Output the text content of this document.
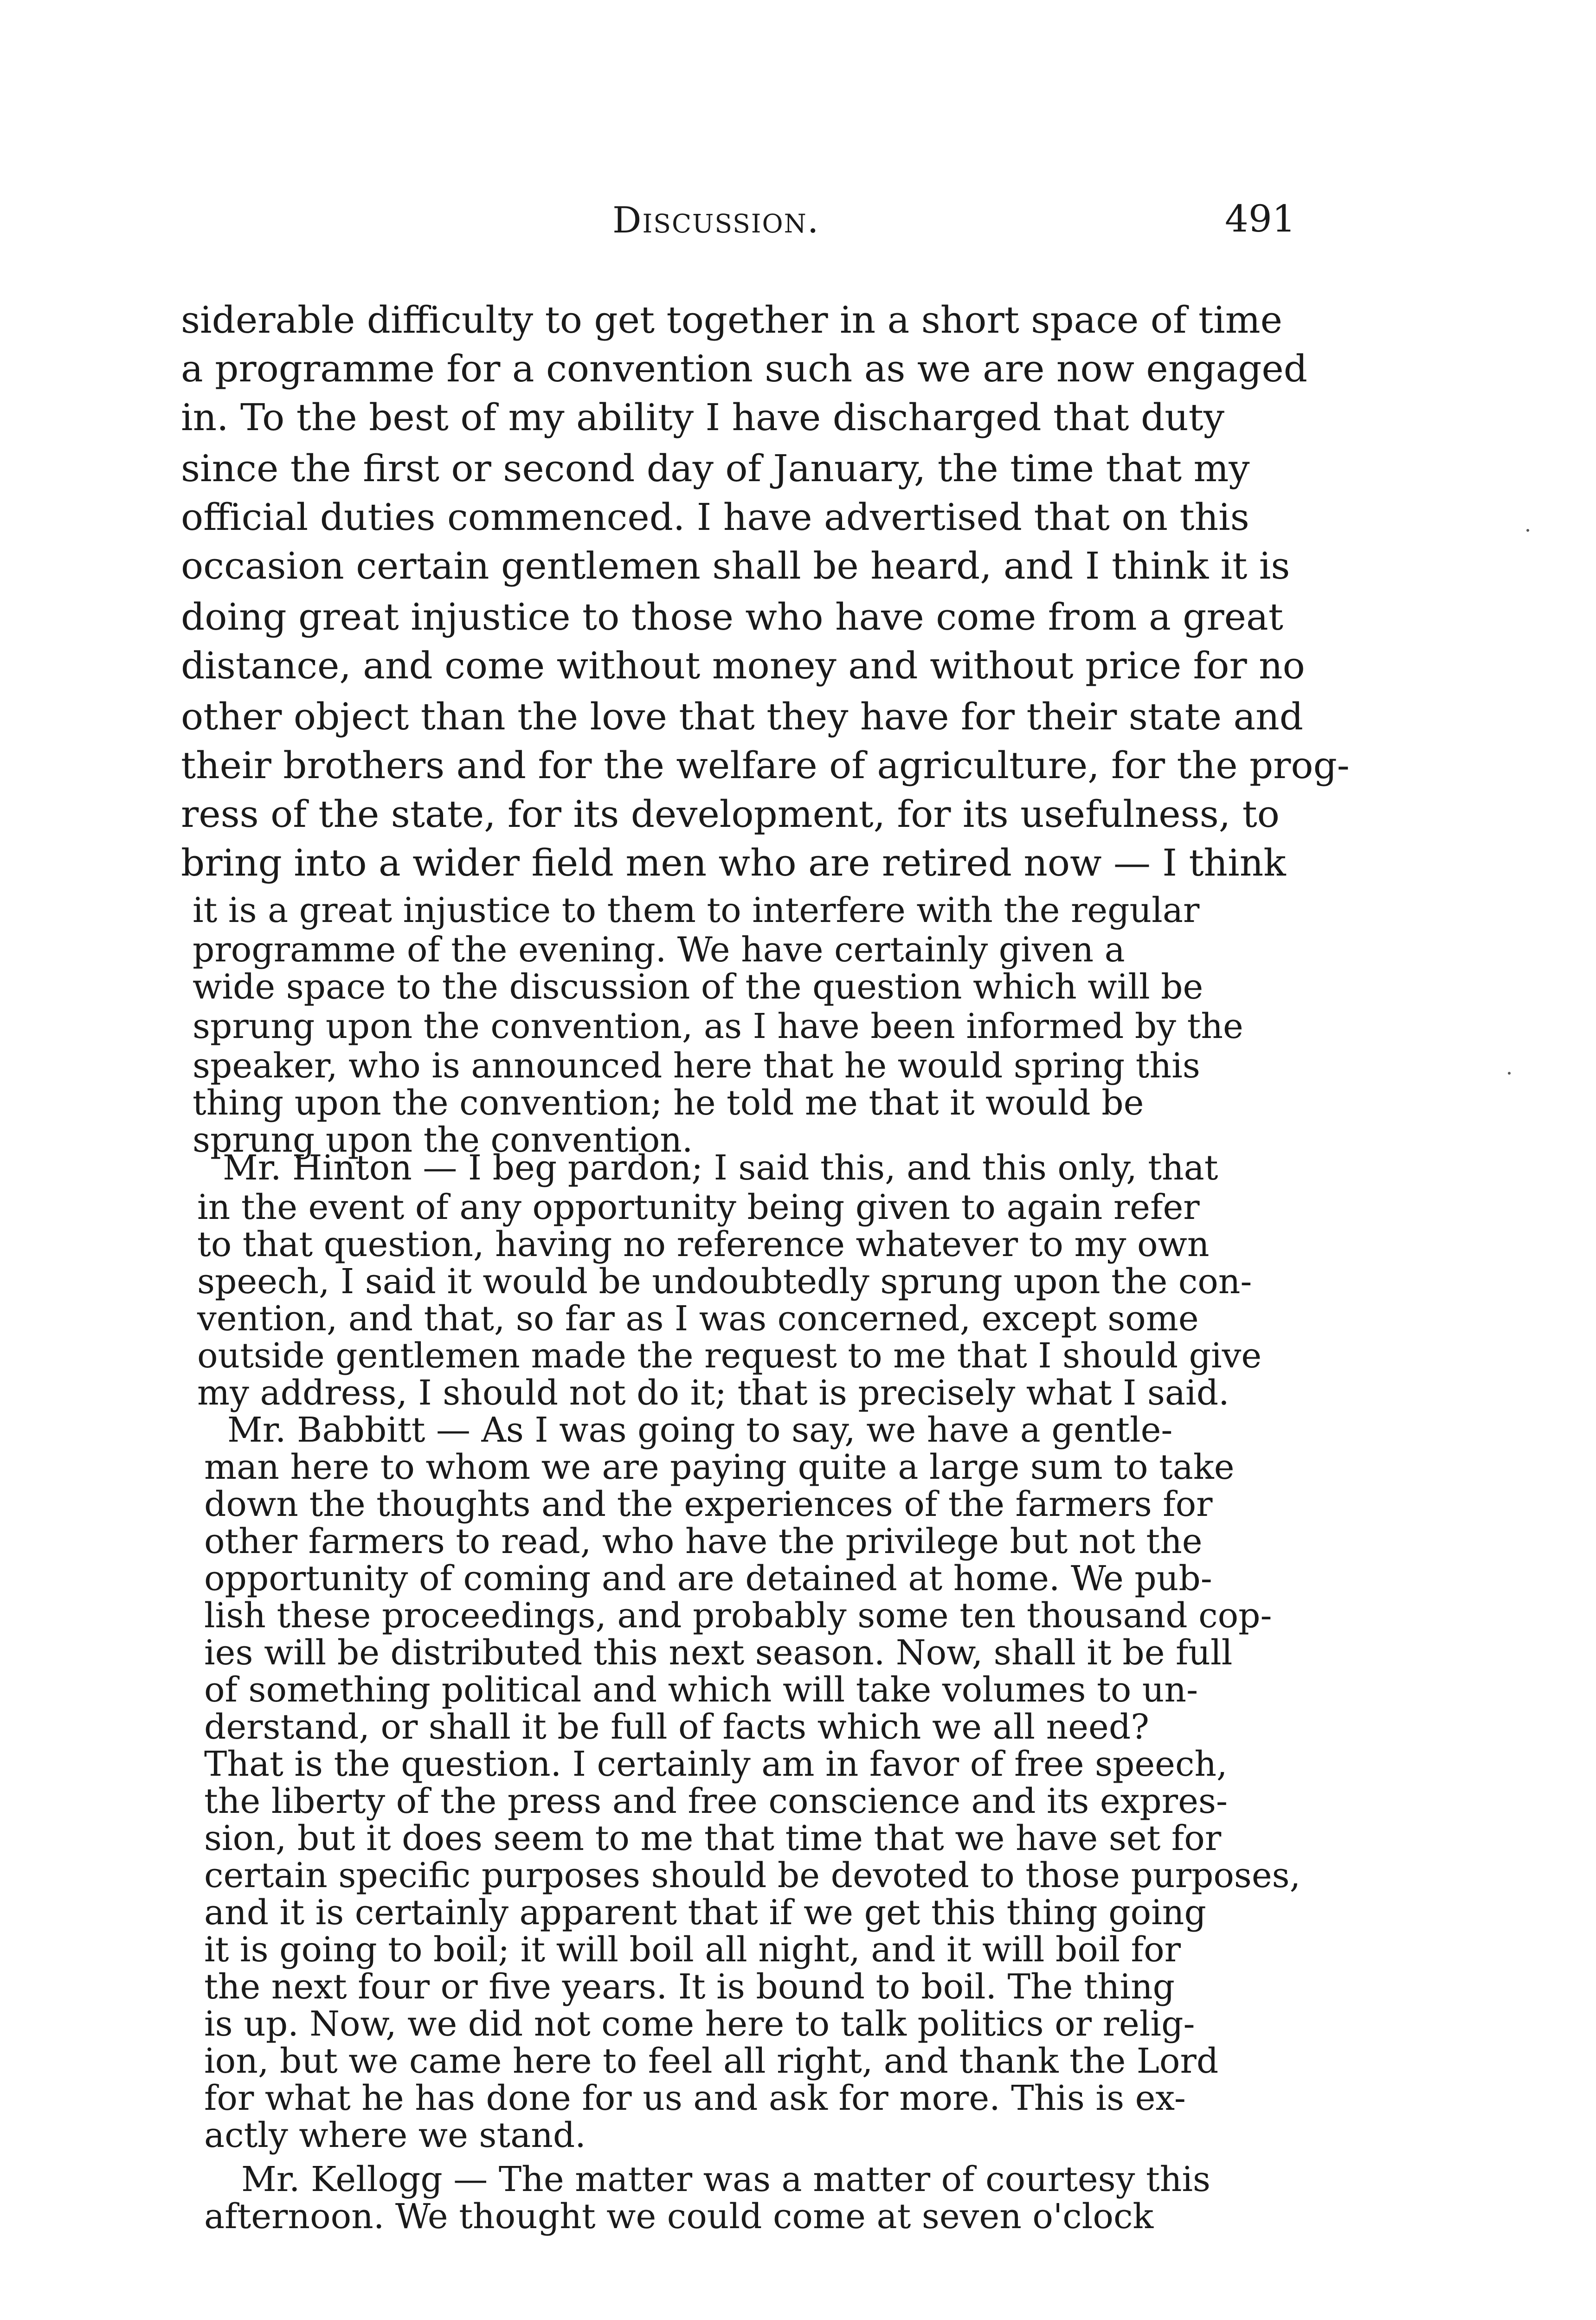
Discussion.	491
siderable difficulty to get together in a short space of time
a programme for a convention such as we are now engaged
in. To the best of my ability I have discharged that duty
since the first or second day of January, the time that my
official duties commenced. I have advertised that on this
occasion certain gentlemen shall be heard, and I think it is
doing great injustice to those who have come from a great
distance, and come without money and without price for no
other object than the love that they have for their state and
their brothers and for the welfare of agriculture, for the prog-
ress of the state, for its development, for its usefulness, to
bring into a wider field men who are retired now — I think
it is a great injustice to them to interfere with the regular
programme of the evening. We have certainly given a
wide space to the discussion of the question which will be
sprung upon the convention, as I have been informed by the
speaker, who is announced here that he would spring this
thing upon the convention; he told me that it would be
sprung upon the convention.
Mr. Hinton — I beg pardon; I said this, and this only, that
in the event of any opportunity being given to again refer
to that question, having no reference whatever to my own
speech, I said it would be undoubtedly sprung upon the con-
vention, and that, so far as I was concerned, except some
outside gentlemen made the request to me that I should give
my address, I should not do it; that is precisely what I said.
Mr. Babbitt — As I was going to say, we have a gentle-
man here to whom we are paying quite a large sum to take
down the thoughts and the experiences of the farmers for
other farmers to read, who have the privilege but not the
opportunity of coming and are detained at home. We pub-
lish these proceedings, and probably some ten thousand cop-
ies will be distributed this next season. Now, shall it be full
of something political and which will take volumes to un-
derstand, or shall it be full of facts which we all need?
That is the question. I certainly am in favor of free speech,
the liberty of the press and free conscience and its expres-
sion, but it does seem to me that time that we have set for
certain specific purposes should be devoted to those purposes,
and it is certainly apparent that if we get this thing going
it is going to boil; it will boil all night, and it will boil for
the next four or five years. It is bound to boil. The thing
is up. Now, we did not come here to talk politics or relig-
ion, but we came here to feel all right, and thank the Lord
for what he has done for us and ask for more. This is ex-
actly where we stand.
Mr. Kellogg — The matter was a matter of courtesy this
afternoon. We thought we could come at seven o'clock
